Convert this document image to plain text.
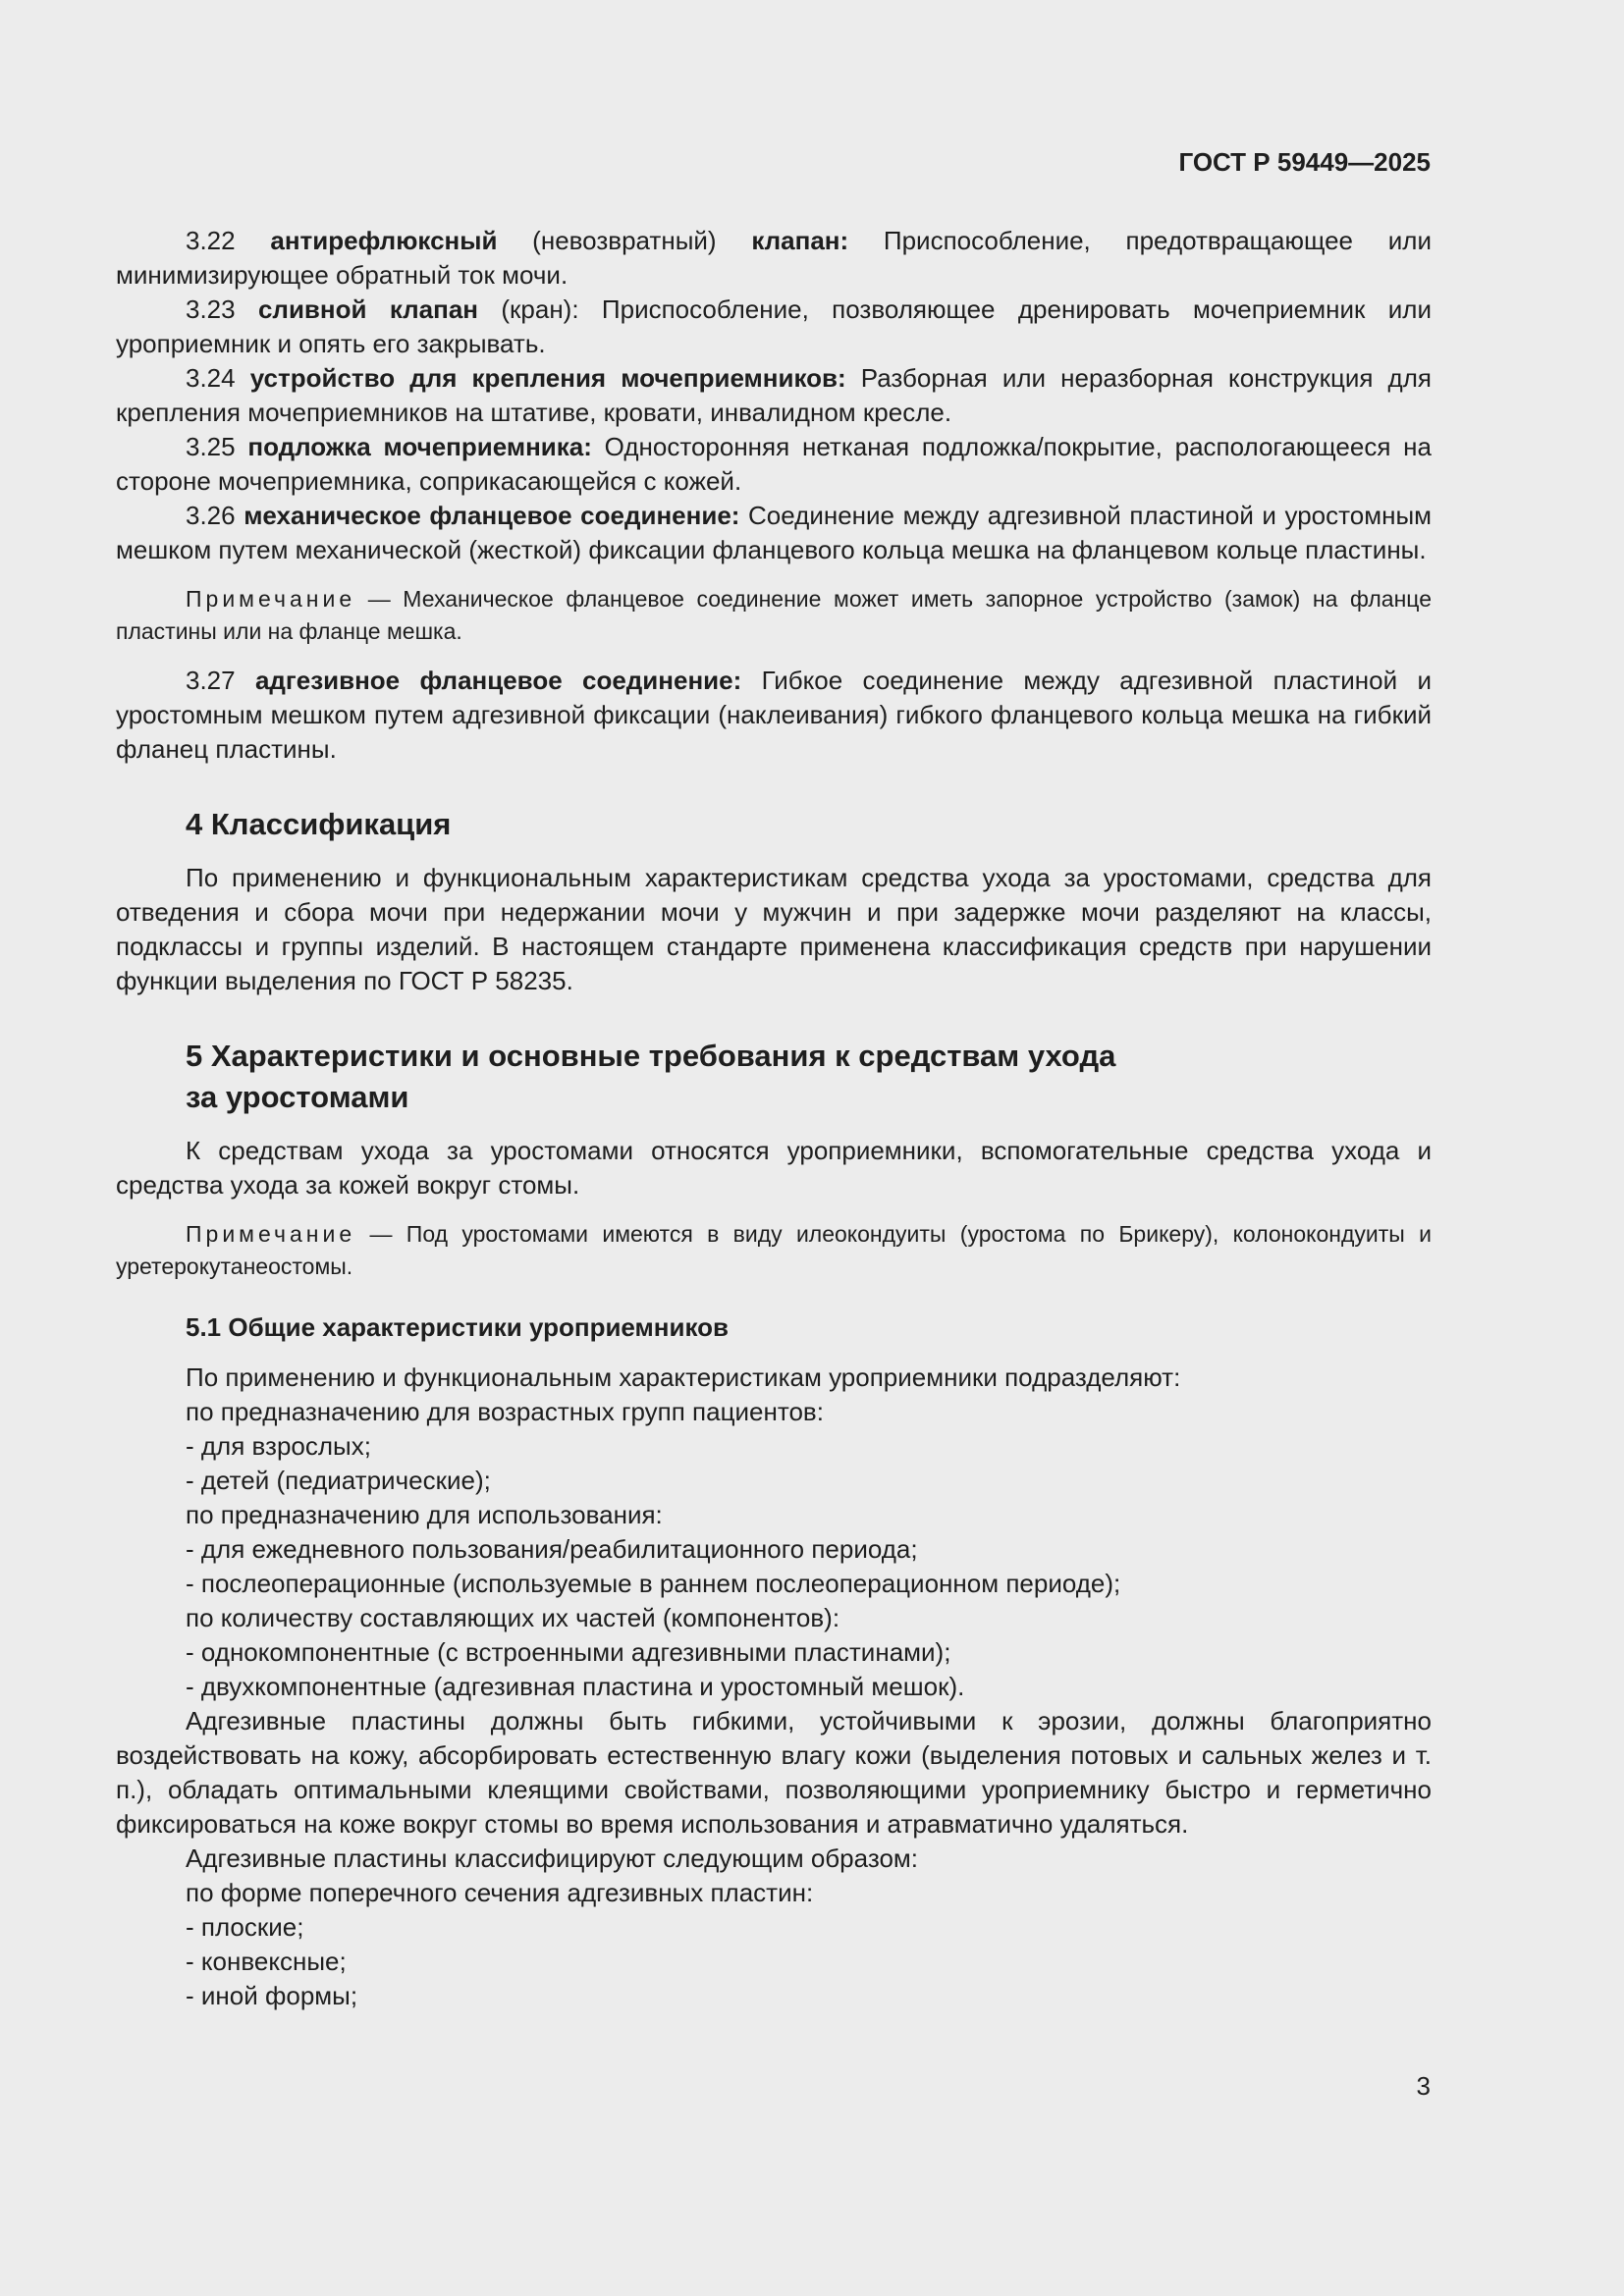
ГОСТ Р 59449—2025

3.22 антирефлюксный (невозвратный) клапан: Приспособление, предотвращающее или минимизирующее обратный ток мочи.

3.23 сливной клапан (кран): Приспособление, позволяющее дренировать мочеприемник или уроприемник и опять его закрывать.

3.24 устройство для крепления мочеприемников: Разборная или неразборная конструкция для крепления мочеприемников на штативе, кровати, инвалидном кресле.

3.25 подложка мочеприемника: Односторонняя нетканая подложка/покрытие, распологающееся на стороне мочеприемника, соприкасающейся с кожей.

3.26 механическое фланцевое соединение: Соединение между адгезивной пластиной и уростомным мешком путем механической (жесткой) фиксации фланцевого кольца мешка на фланцевом кольце пластины.

Примечание — Механическое фланцевое соединение может иметь запорное устройство (замок) на фланце пластины или на фланце мешка.

3.27 адгезивное фланцевое соединение: Гибкое соединение между адгезивной пластиной и уростомным мешком путем адгезивной фиксации (наклеивания) гибкого фланцевого кольца мешка на гибкий фланец пластины.

4 Классификация

По применению и функциональным характеристикам средства ухода за уростомами, средства для отведения и сбора мочи при недержании мочи у мужчин и при задержке мочи разделяют на классы, подклассы и группы изделий. В настоящем стандарте применена классификация средств при нарушении функции выделения по ГОСТ Р 58235.

5 Характеристики и основные требования к средствам ухода
за уростомами

К средствам ухода за уростомами относятся уроприемники, вспомогательные средства ухода и средства ухода за кожей вокруг стомы.

Примечание — Под уростомами имеются в виду илеокондуиты (уростома по Брикеру), колонокондуиты и уретерокутанеостомы.

5.1 Общие характеристики уроприемников
По применению и функциональным характеристикам уроприемники подразделяют:
по предназначению для возрастных групп пациентов:
- для взрослых;
- детей (педиатрические);
по предназначению для использования:
- для ежедневного пользования/реабилитационного периода;
- послеоперационные (используемые в раннем послеоперационном периоде);
по количеству составляющих их частей (компонентов):
- однокомпонентные (с встроенными адгезивными пластинами);
- двухкомпонентные (адгезивная пластина и уростомный мешок).

Адгезивные пластины должны быть гибкими, устойчивыми к эрозии, должны благоприятно воздействовать на кожу, абсорбировать естественную влагу кожи (выделения потовых и сальных желез и т. п.), обладать оптимальными клеящими свойствами, позволяющими уроприемнику быстро и герметично фиксироваться на коже вокруг стомы во время использования и атравматично удаляться.

Адгезивные пластины классифицируют следующим образом:
по форме поперечного сечения адгезивных пластин:
- плоские;
- конвексные;
- иной формы;
3
